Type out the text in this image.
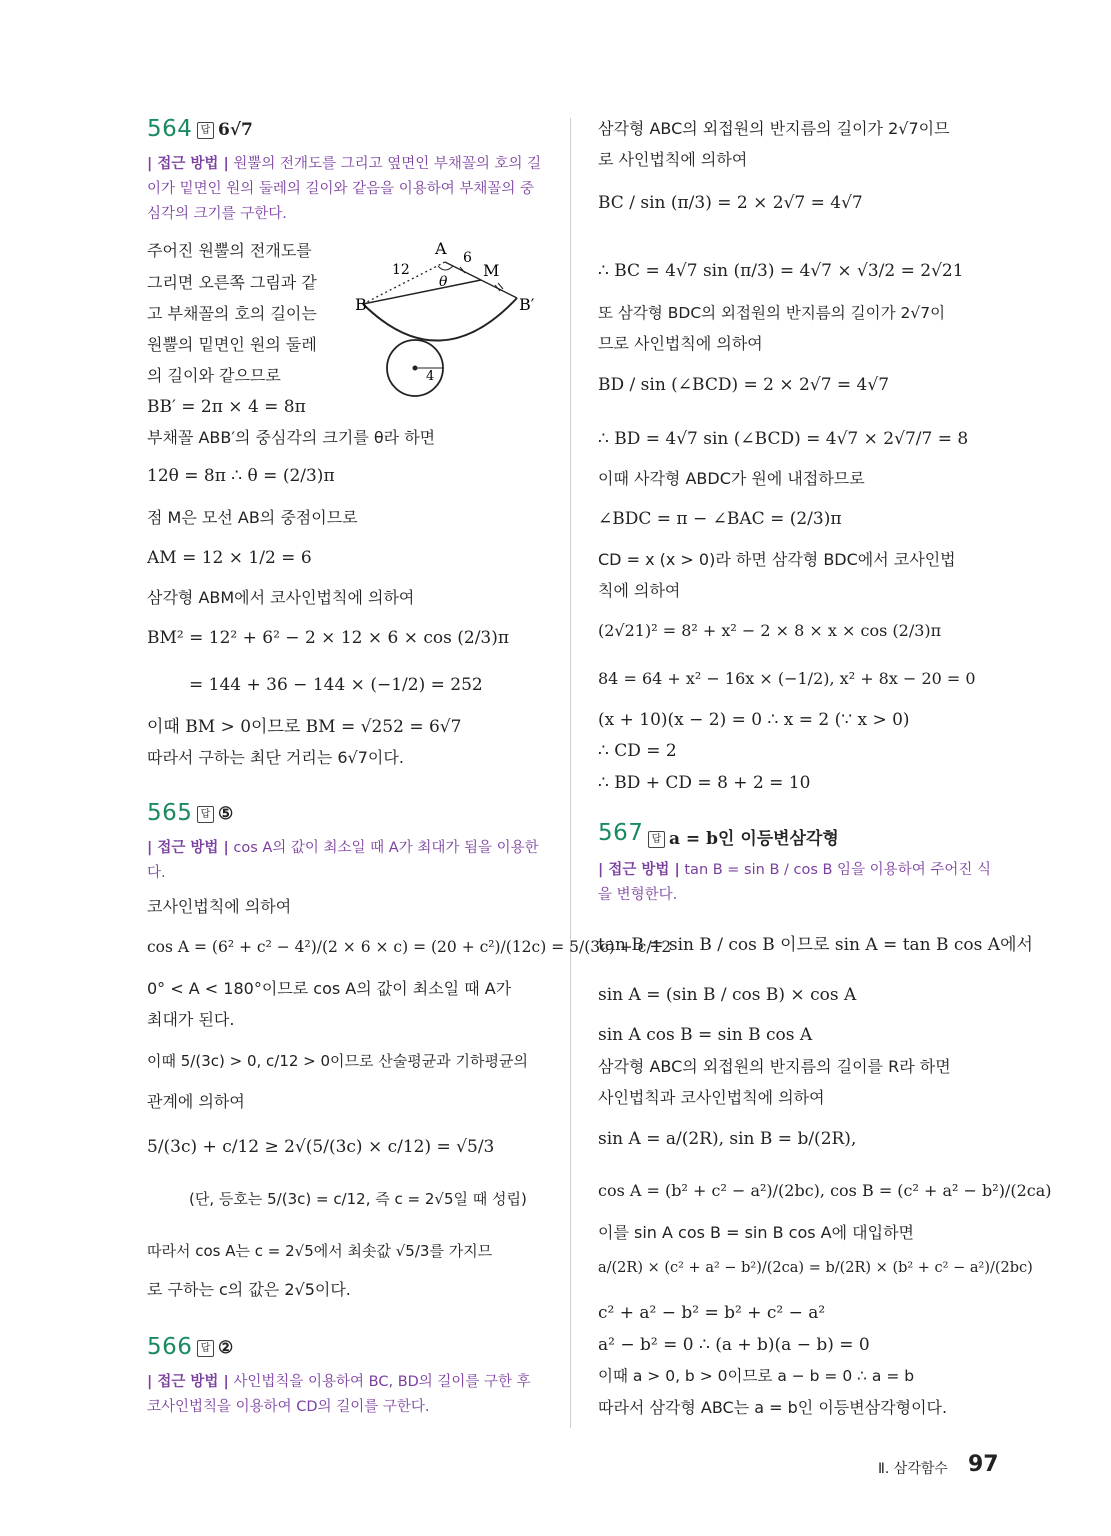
564 답 6√7
| 접근 방법 | 원뿔의 전개도를 그리고 옆면인 부채꼴의 호의 길이가 밑면인 원의 둘레의 길이와 같음을 이용하여 부채꼴의 중심각의 크기를 구한다.
A
B	B′
M
12
6
θ
4
주어진 원뿔의 전개도를
그리면 오른쪽 그림과 같
고 부채꼴의 호의 길이는
원뿔의 밑면인 원의 둘레
의 길이와 같으므로
BB′ = 2π × 4 = 8π
부채꼴 ABB′의 중심각의 크기를 θ라 하면
12θ = 8π ∴ θ = (2/3)π
점 M은 모선 AB의 중점이므로
AM = 12 × 1/2 = 6
삼각형 ABM에서 코사인법칙에 의하여
BM² = 12² + 6² − 2 × 12 × 6 × cos (2/3)π
= 144 + 36 − 144 × (−1/2) = 252
이때 BM > 0이므로 BM = √252 = 6√7
따라서 구하는 최단 거리는 6√7이다.
565 답 ⑤
| 접근 방법 | cos A의 값이 최소일 때 A가 최대가 됨을 이용한다.
코사인법칙에 의하여
cos A = (6² + c² − 4²)/(2 × 6 × c) = (20 + c²)/(12c) = 5/(3c) + c/12
0° < A < 180°이므로 cos A의 값이 최소일 때 A가
최대가 된다.
이때 5/(3c) > 0, c/12 > 0이므로 산술평균과 기하평균의
관계에 의하여
5/(3c) + c/12 ≥ 2√(5/(3c) × c/12) = √5/3
(단, 등호는 5/(3c) = c/12, 즉 c = 2√5일 때 성립)
따라서 cos A는 c = 2√5에서 최솟값 √5/3를 가지므
로 구하는 c의 값은 2√5이다.
566 답 ②
| 접근 방법 | 사인법칙을 이용하여 BC, BD의 길이를 구한 후 코사인법칙을 이용하여 CD의 길이를 구한다.
삼각형 ABC의 외접원의 반지름의 길이가 2√7이므
로 사인법칙에 의하여
BC / sin (π/3) = 2 × 2√7 = 4√7
∴ BC = 4√7 sin (π/3) = 4√7 × √3/2 = 2√21
또 삼각형 BDC의 외접원의 반지름의 길이가 2√7이
므로 사인법칙에 의하여
BD / sin (∠BCD) = 2 × 2√7 = 4√7
∴ BD = 4√7 sin (∠BCD) = 4√7 × 2√7/7 = 8
이때 사각형 ABDC가 원에 내접하므로
∠BDC = π − ∠BAC = (2/3)π
CD = x (x > 0)라 하면 삼각형 BDC에서 코사인법
칙에 의하여
(2√21)² = 8² + x² − 2 × 8 × x × cos (2/3)π
84 = 64 + x² − 16x × (−1/2), x² + 8x − 20 = 0
(x + 10)(x − 2) = 0 ∴ x = 2 (∵ x > 0)
∴ CD = 2
∴ BD + CD = 8 + 2 = 10
567 답 a = b인 이등변삼각형
| 접근 방법 | tan B = sin B / cos B 임을 이용하여 주어진 식을 변형한다.
tan B = sin B / cos B 이므로 sin A = tan B cos A에서
sin A = (sin B / cos B) × cos A
sin A cos B = sin B cos A
삼각형 ABC의 외접원의 반지름의 길이를 R라 하면
사인법칙과 코사인법칙에 의하여
sin A = a/(2R), sin B = b/(2R),
cos A = (b² + c² − a²)/(2bc), cos B = (c² + a² − b²)/(2ca)
이를 sin A cos B = sin B cos A에 대입하면
a/(2R) × (c² + a² − b²)/(2ca) = b/(2R) × (b² + c² − a²)/(2bc)
c² + a² − b² = b² + c² − a²
a² − b² = 0 ∴ (a + b)(a − b) = 0
이때 a > 0, b > 0이므로 a − b = 0 ∴ a = b
따라서 삼각형 ABC는 a = b인 이등변삼각형이다.
Ⅱ. 삼각함수 97
